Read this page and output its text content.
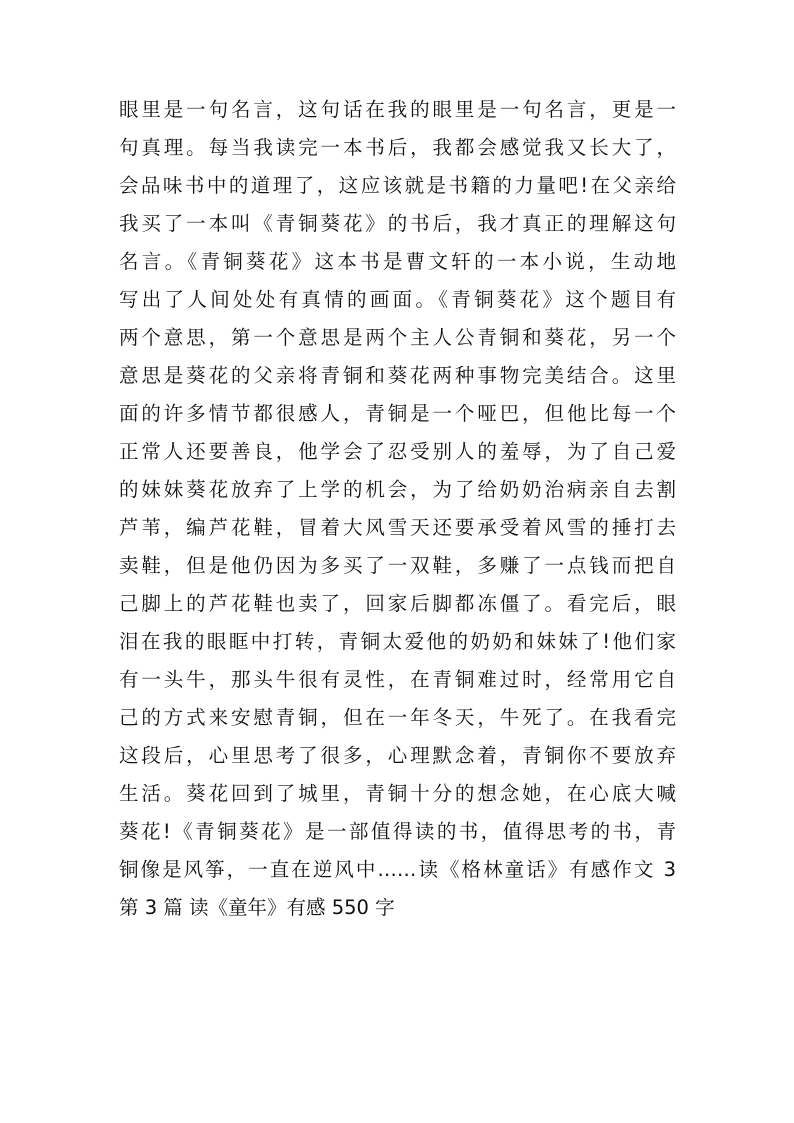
眼里是一句名言，这句话在我的眼里是一句名言，更是一
句真理。每当我读完一本书后，我都会感觉我又长大了，
会品味书中的道理了，这应该就是书籍的力量吧!在父亲给
我买了一本叫《青铜葵花》的书后，我才真正的理解这句
名言。《青铜葵花》这本书是曹文轩的一本小说，生动地
写出了人间处处有真情的画面。《青铜葵花》这个题目有
两个意思，第一个意思是两个主人公青铜和葵花，另一个
意思是葵花的父亲将青铜和葵花两种事物完美结合。这里
面的许多情节都很感人，青铜是一个哑巴，但他比每一个
正常人还要善良，他学会了忍受别人的羞辱，为了自己爱
的妹妹葵花放弃了上学的机会，为了给奶奶治病亲自去割
芦苇，编芦花鞋，冒着大风雪天还要承受着风雪的捶打去
卖鞋，但是他仍因为多买了一双鞋，多赚了一点钱而把自
己脚上的芦花鞋也卖了，回家后脚都冻僵了。看完后，眼
泪在我的眼眶中打转，青铜太爱他的奶奶和妹妹了!他们家
有一头牛，那头牛很有灵性，在青铜难过时，经常用它自
己的方式来安慰青铜，但在一年冬天，牛死了。在我看完
这段后，心里思考了很多，心理默念着，青铜你不要放弃
生活。葵花回到了城里，青铜十分的想念她，在心底大喊
葵花!《青铜葵花》是一部值得读的书，值得思考的书，青
铜像是风筝，一直在逆风中……读《格林童话》有感作文 3
第 3 篇 读《童年》有感 550 字
